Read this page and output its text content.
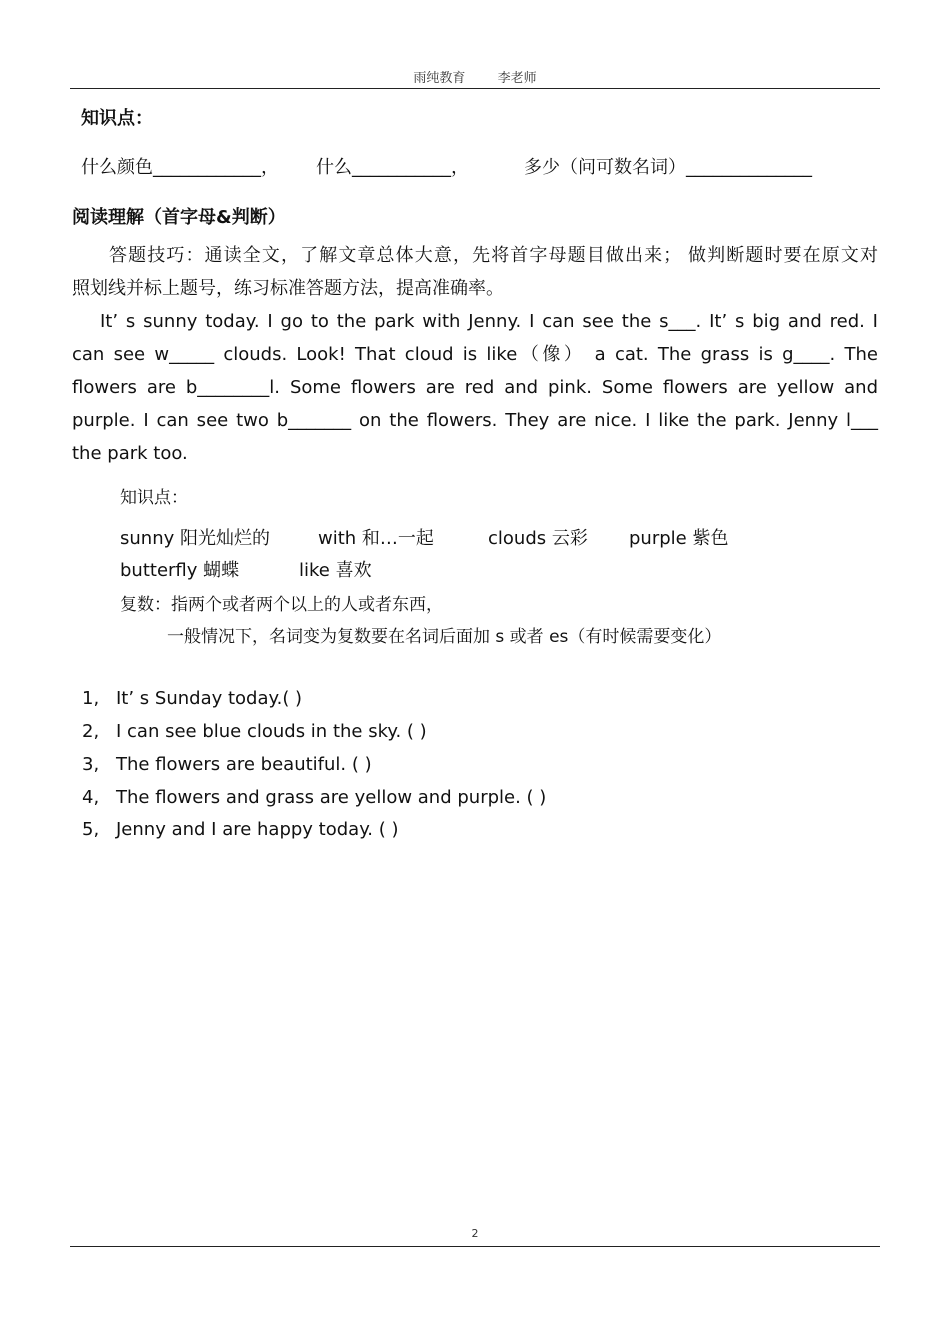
雨纯教育 李老师
知识点：
什么颜色____________， 什么___________，	多少（问可数名词）______________
阅读理解（首字母&判断）

答题技巧：通读全文，了解文章总体大意，先将首字母题目做出来； 做判断题时要在原文对

照划线并标上题号，练习标准答题方法，提高准确率。

It’ s sunny today. I go to the park with Jenny. I can see the s___. It’ s big and red. I

can see w_____ clouds. Look! That cloud is like（像） a cat. The grass is g____. The

flowers are b________l. Some flowers are red and pink. Some flowers are yellow and

purple. I can see two b_______ on the flowers. They are nice. I like the park. Jenny l___

the park too.

知识点：
sunny 阳光灿烂的	with 和…一起	clouds 云彩 purple 紫色
butterfly 蝴蝶	like 喜欢
复数：指两个或者两个以上的人或者东西，
一般情况下，名词变为复数要在名词后面加 s 或者 es（有时候需要变化）
1, It’ s Sunday today.( )
2, I can see blue clouds in the sky. ( )
3, The flowers are beautiful. ( )
4, The flowers and grass are yellow and purple. ( )
5, Jenny and I are happy today. ( )
2
